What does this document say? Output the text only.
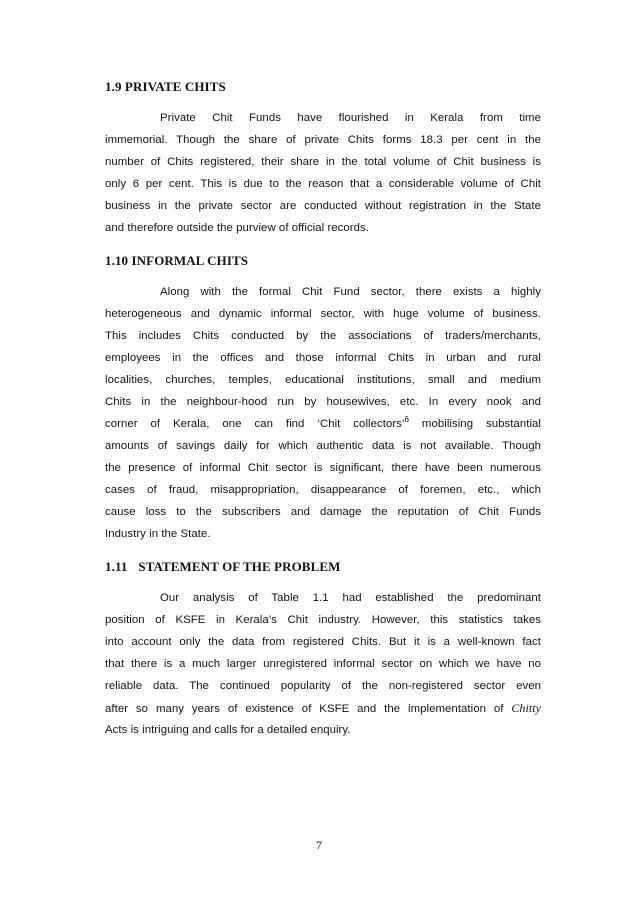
1.9 PRIVATE CHITS
Private Chit Funds have flourished in Kerala from time
immemorial. Though the share of private Chits forms 18.3 per cent in the
number of Chits registered, their share in the total volume of Chit business is
only 6 per cent. This is due to the reason that a considerable volume of Chit
business in the private sector are conducted without registration in the State
and therefore outside the purview of official records.
1.10 INFORMAL CHITS
Along with the formal Chit Fund sector, there exists a highly
heterogeneous and dynamic informal sector, with huge volume of business.
This includes Chits conducted by the associations of traders/merchants,
employees in the offices and those informal Chits in urban and rural
localities, churches, temples, educational institutions, small and medium
Chits in the neighbour-hood run by housewives, etc. In every nook and
corner of Kerala, one can find ‘Chit collectors’$^6$ mobilising substantial
amounts of savings daily for which authentic data is not available. Though
the presence of informal Chit sector is significant, there have been numerous
cases of fraud, misappropriation, disappearance of foremen, etc., which
cause loss to the subscribers and damage the reputation of Chit Funds
Industry in the State.
1.11 STATEMENT OF THE PROBLEM
Our analysis of Table 1.1 had established the predominant
position of KSFE in Kerala’s Chit industry. However, this statistics takes
into account only the data from registered Chits. But it is a well-known fact
that there is a much larger unregistered informal sector on which we have no
reliable data. The continued popularity of the non-registered sector even
after so many years of existence of KSFE and the implementation of Chitty
Acts is intriguing and calls for a detailed enquiry.
7
